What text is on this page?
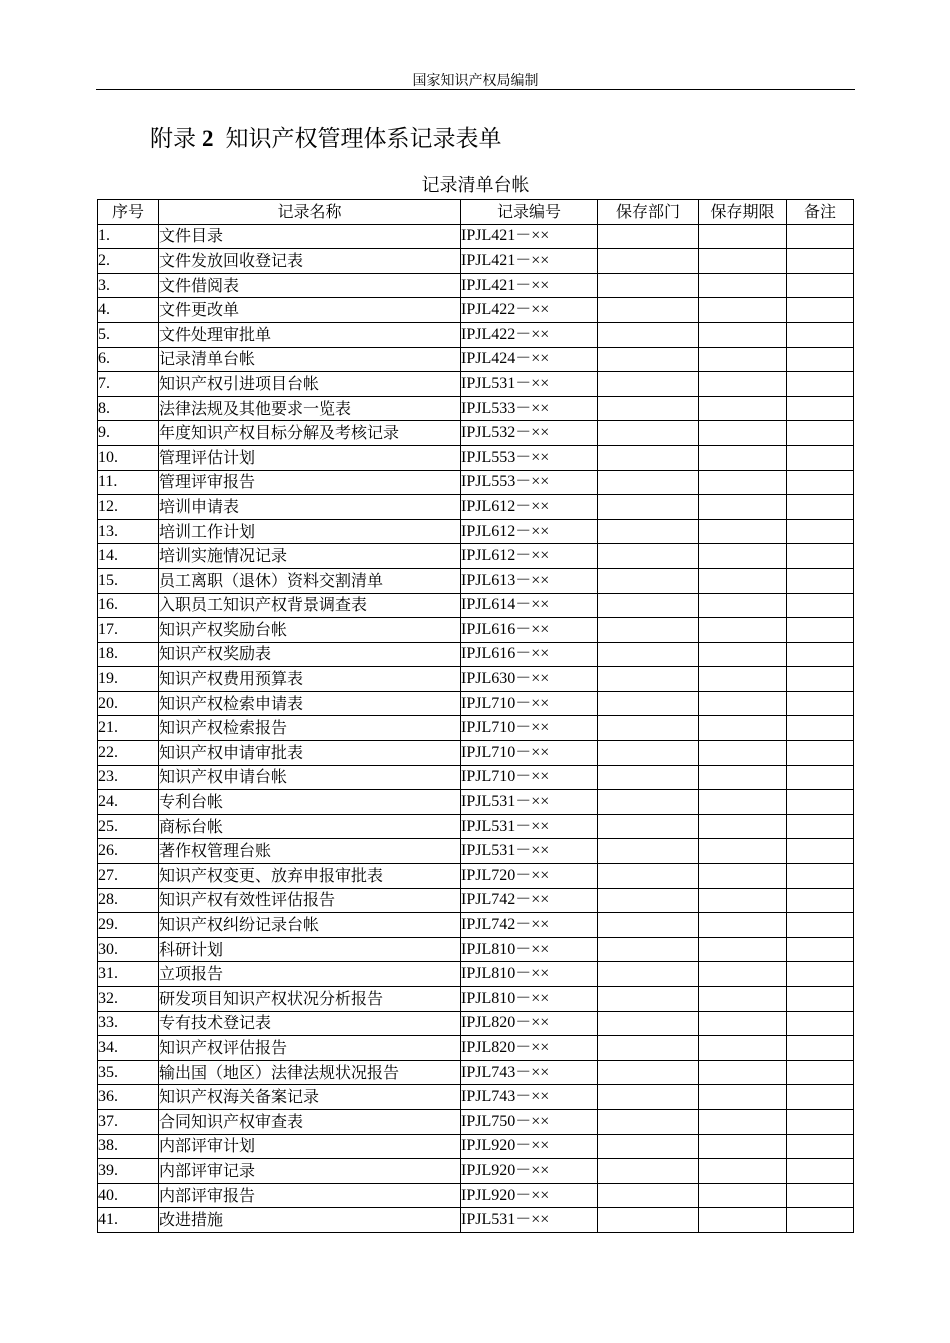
国家知识产权局编制
附录 2 知识产权管理体系记录表单
记录清单台帐
序号	记录名称	记录编号	保存部门	保存期限	备注
1.	文件目录	IPJL421－××			
2.	文件发放回收登记表	IPJL421－××			
3.	文件借阅表	IPJL421－××			
4.	文件更改单	IPJL422－××			
5.	文件处理审批单	IPJL422－××			
6.	记录清单台帐	IPJL424－××			
7.	知识产权引进项目台帐	IPJL531－××			
8.	法律法规及其他要求一览表	IPJL533－××			
9.	年度知识产权目标分解及考核记录	IPJL532－××			
10.	管理评估计划	IPJL553－××			
11.	管理评审报告	IPJL553－××			
12.	培训申请表	IPJL612－××			
13.	培训工作计划	IPJL612－××			
14.	培训实施情况记录	IPJL612－××			
15.	员工离职（退休）资料交割清单	IPJL613－××			
16.	入职员工知识产权背景调查表	IPJL614－××			
17.	知识产权奖励台帐	IPJL616－××			
18.	知识产权奖励表	IPJL616－××			
19.	知识产权费用预算表	IPJL630－××			
20.	知识产权检索申请表	IPJL710－××			
21.	知识产权检索报告	IPJL710－××			
22.	知识产权申请审批表	IPJL710－××			
23.	知识产权申请台帐	IPJL710－××			
24.	专利台帐	IPJL531－××			
25.	商标台帐	IPJL531－××			
26.	著作权管理台账	IPJL531－××			
27.	知识产权变更、放弃申报审批表	IPJL720－××			
28.	知识产权有效性评估报告	IPJL742－××			
29.	知识产权纠纷记录台帐	IPJL742－××			
30.	科研计划	IPJL810－××			
31.	立项报告	IPJL810－××			
32.	研发项目知识产权状况分析报告	IPJL810－××			
33.	专有技术登记表	IPJL820－××			
34.	知识产权评估报告	IPJL820－××			
35.	输出国（地区）法律法规状况报告	IPJL743－××			
36.	知识产权海关备案记录	IPJL743－××			
37.	合同知识产权审查表	IPJL750－××			
38.	内部评审计划	IPJL920－××			
39.	内部评审记录	IPJL920－××			
40.	内部评审报告	IPJL920－××			
41.	改进措施	IPJL531－××			
